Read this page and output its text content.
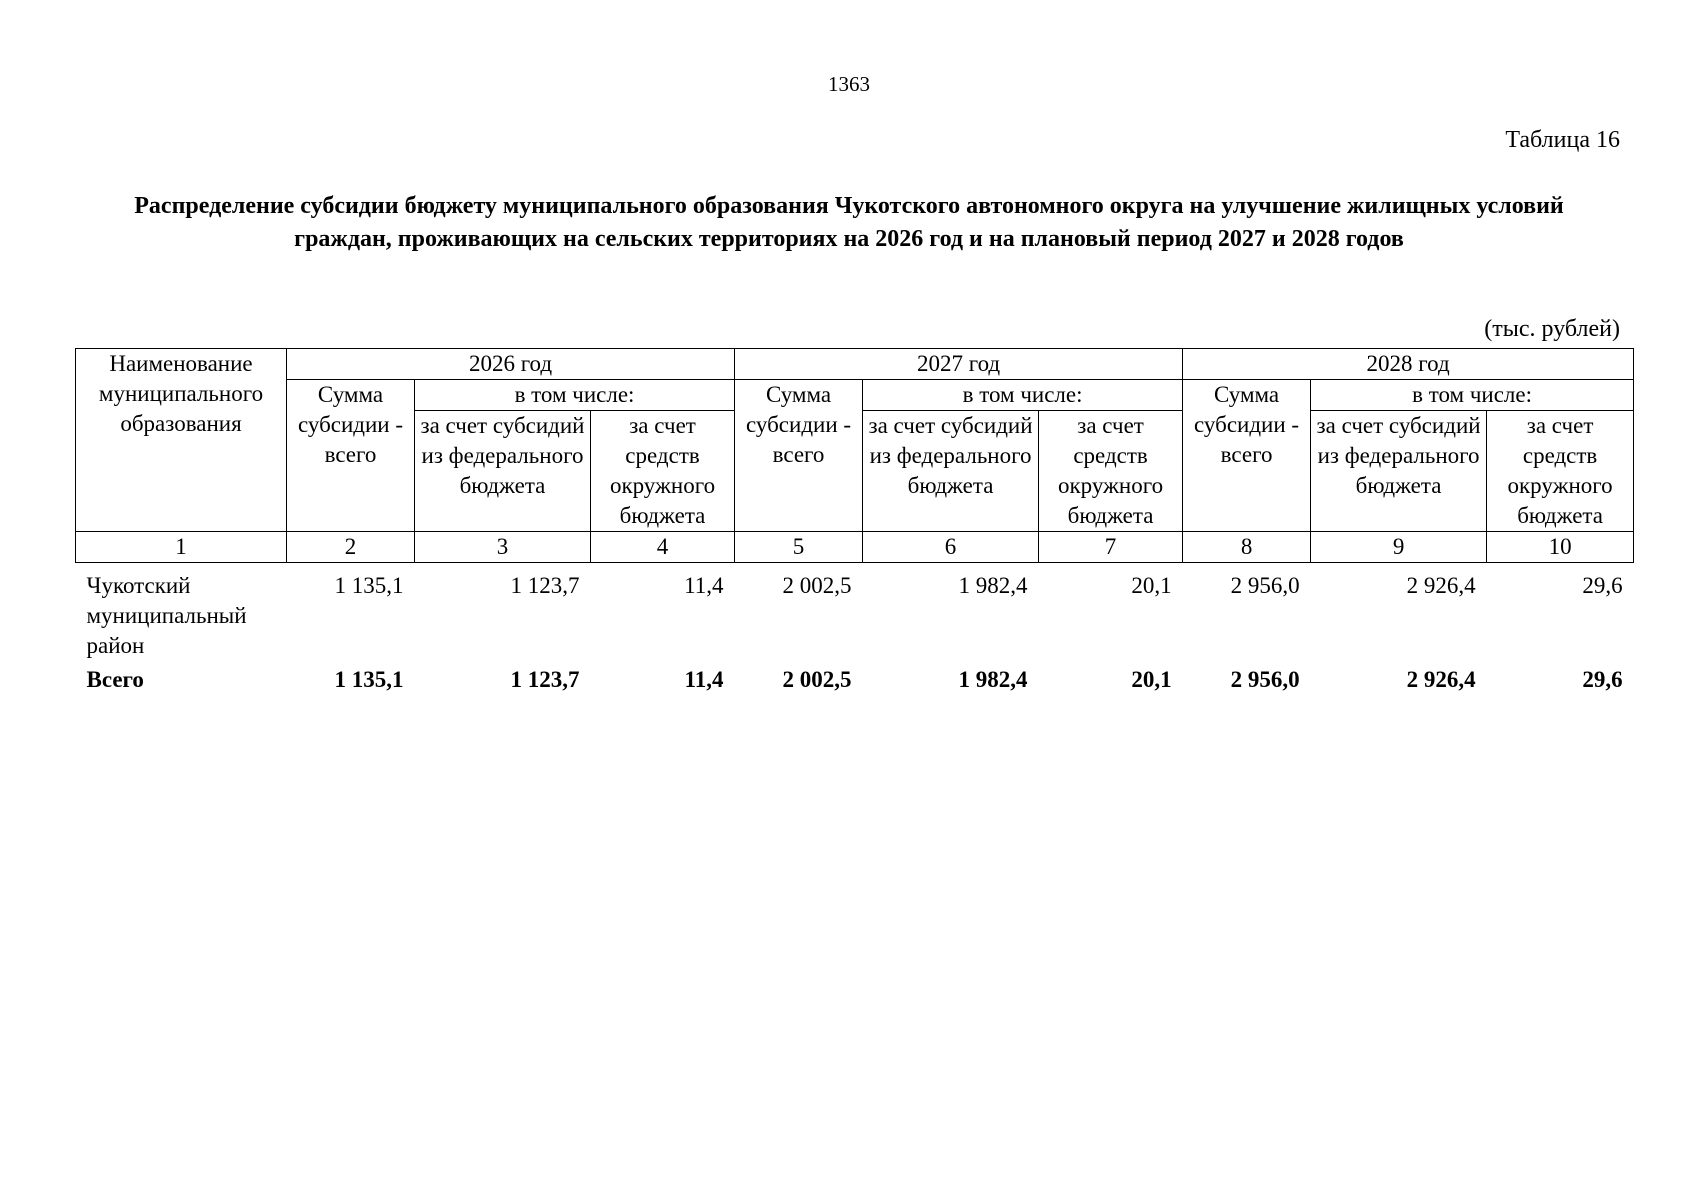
1363
Таблица 16
Распределение субсидии бюджету муниципального образования Чукотского автономного округа на улучшение жилищных условий граждан, проживающих на сельских территориях на 2026 год и на плановый период 2027 и 2028 годов
(тыс. рублей)
Наименование муниципального образования	2026 год			2027 год			2028 год		
	Сумма субсидии - всего	в том числе:		Сумма субсидии - всего	в том числе:		Сумма субсидии - всего	в том числе:	
		за счет субсидий из федерального бюджета	за счет средств окружного бюджета		за счет субсидий из федерального бюджета	за счет средств окружного бюджета		за счет субсидий из федерального бюджета	за счет средств окружного бюджета
1	2	3	4	5	6	7	8	9	10
Чукотский муниципальный район	1 135,1	1 123,7	11,4	2 002,5	1 982,4	20,1	2 956,0	2 926,4	29,6
Всего	1 135,1	1 123,7	11,4	2 002,5	1 982,4	20,1	2 956,0	2 926,4	29,6
